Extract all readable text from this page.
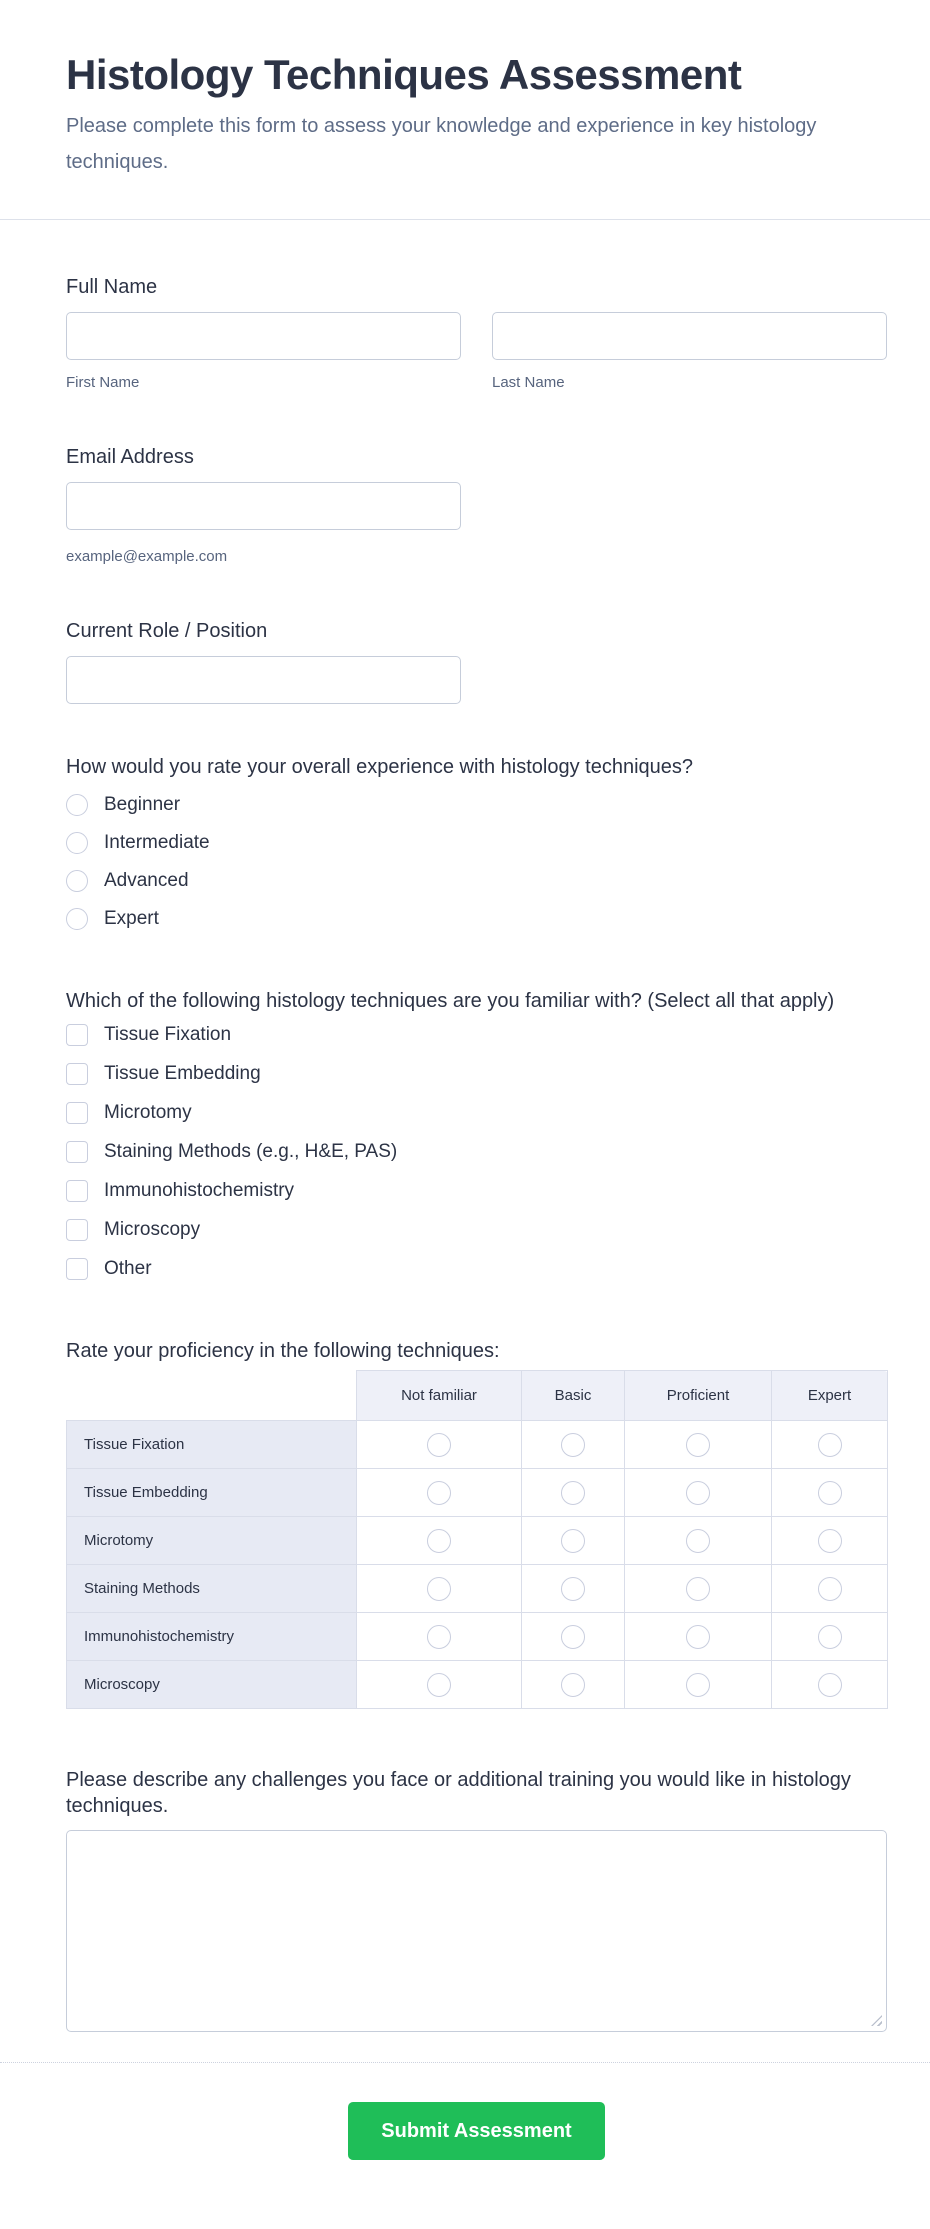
Histology Techniques Assessment
Please complete this form to assess your knowledge and experience in key histology techniques.
Full Name
First Name	Last Name
Email Address
example@example.com
Current Role / Position
How would you rate your overall experience with histology techniques?
Beginner
Intermediate
Advanced
Expert
Which of the following histology techniques are you familiar with? (Select all that apply)
Tissue Fixation
Tissue Embedding
Microtomy
Staining Methods (e.g., H&E, PAS)
Immunohistochemistry
Microscopy
Other
Rate your proficiency in the following techniques:
	Not familiar	Basic	Proficient	Expert
Tissue Fixation				
Tissue Embedding				
Microtomy				
Staining Methods				
Immunohistochemistry				
Microscopy				
Please describe any challenges you face or additional training you would like in histology techniques.
Submit Assessment
